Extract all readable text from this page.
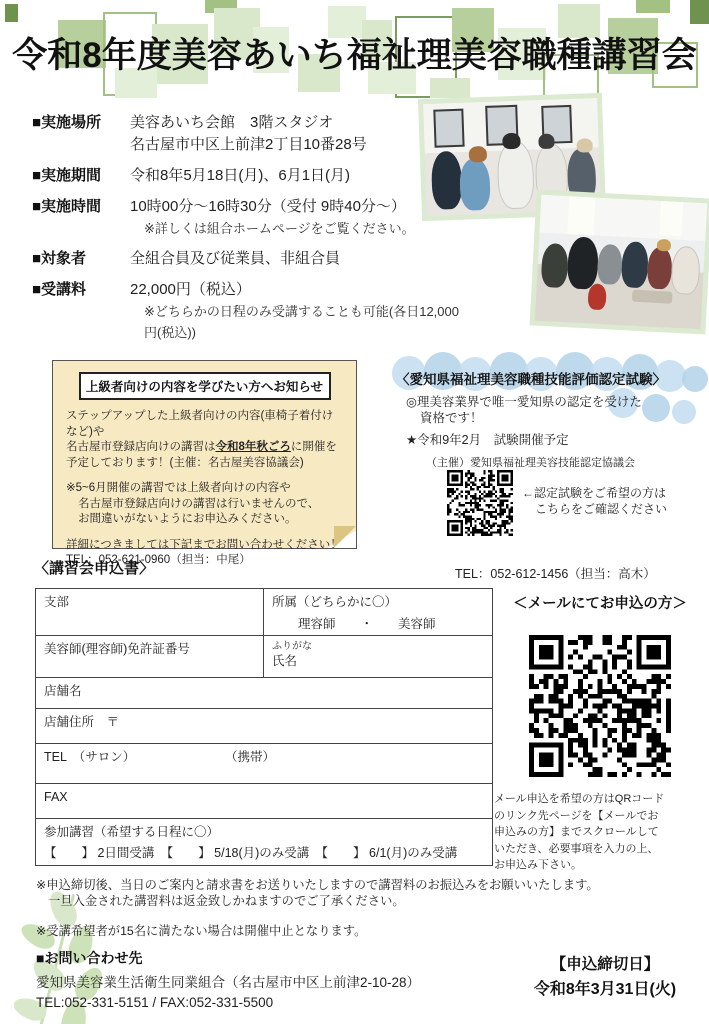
令和8年度美容あいち福祉理美容職種講習会
■実施場所	美容あいち会館　3階スタジオ
名古屋市中区上前津2丁目10番28号
■実施期間	令和8年5月18日(月)、6月1日(月)
■実施時間	10時00分～16時30分（受付 9時40分～）
※詳しくは組合ホームページをご覧ください。
■対象者	全組合員及び従業員、非組合員
■受講料	22,000円（税込）
※どちらかの日程のみ受講することも可能(各日12,000円(税込))
上級者向けの内容を学びたい方へお知らせ

ステップアップした上級者向けの内容(車椅子着付けなど)や
名古屋市登録店向けの講習は令和8年秋ごろに開催を
予定しております！(主催：名古屋美容協議会)

※5~6月開催の講習では上級者向けの内容や
名古屋市登録店向けの講習は行いませんので、
お間違いがないようにお申込みください。

詳細につきましては下記までお問い合わせください！
TEL：052-621-0960（担当：中尾）

〈愛知県福祉理美容職種技能評価認定試験〉
◎理美容業界で唯一愛知県の認定を受けた
資格です！
★令和9年2月　試験開催予定
（主催）愛知県福祉理美容技能認定協議会
←認定試験をご希望の方は
こちらをご確認ください
TEL：052-612-1456（担当：高木）
〈講習会申込書〉
支部	所属（どちらかに〇）
理容師　　・　　美容師

美容師(理容師)免許証番号	ふりがな
氏名

店舗名	
店舗住所　〒	
TEL　（サロン） （携帯）	
FAX	

参加講習（希望する日程に〇）
【　　】 2日間受講　【　　】 5/18(月)のみ受講　【　　】 6/1(月)のみ受講	
＜メールにてお申込の方＞
メール申込を希望の方はQRコード
のリンク先ページを【メールでお
申込みの方】までスクロールして
いただき、必要事項を入力の上、
お申込み下さい。
※申込締切後、当日のご案内と請求書をお送りいたしますので講習料のお振込みをお願いいたします。
一旦入金された講習料は返金致しかねますのでご了承ください。
※受講希望者が15名に満たない場合は開催中止となります。
■お問い合わせ先
愛知県美容業生活衛生同業組合（名古屋市中区上前津2-10-28）
TEL:052-331-5151 / FAX:052-331-5500
【申込締切日】
令和8年3月31日(火)
